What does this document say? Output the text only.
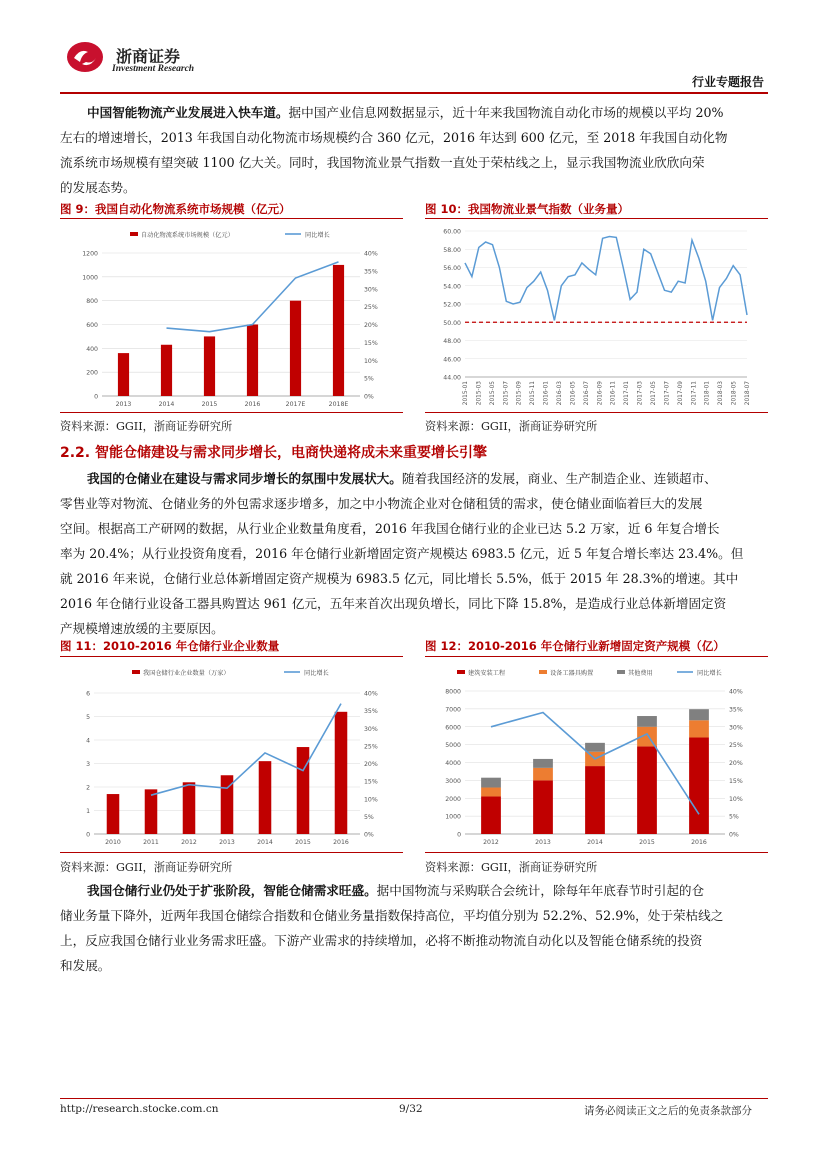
浙商证券
Investment Research
行业专题报告
中国智能物流产业发展进入快车道。据中国产业信息网数据显示，近十年来我国物流自动化市场的规模以平均 20%
左右的增速增长，2013 年我国自动化物流市场规模约合 360 亿元，2016 年达到 600 亿元，至 2018 年我国自动化物
流系统市场规模有望突破 1100 亿大关。同时，我国物流业景气指数一直处于荣枯线之上，显示我国物流业欣欣向荣
的发展态势。
图 9：我国自动化物流系统市场规模（亿元）
0
200
400
600
800
1000
1200
0%
5%
10%
15%
20%
25%
30%
35%
40%
2013	2014	2015	2016	2017E	2018E
自动化物流系统市场规模（亿元）	同比增长
资料来源：GGII，浙商证券研究所
图 10：我国物流业景气指数（业务量）
44.00
46.00
48.00
50.00
52.00
54.00
56.00
58.00
60.00
2015-01 2015-03 2015-05 2015-07 2015-09 2015-11 2016-01 2016-03 2016-05 2016-07 2016-09 2016-11 2017-01 2017-03 2017-05 2017-07 2017-09 2017-11 2018-01 2018-03 2018-05 2018-07
资料来源：GGII，浙商证券研究所
2.2. 智能仓储建设与需求同步增长，电商快递将成未来重要增长引擎
我国的仓储业在建设与需求同步增长的氛围中发展状大。随着我国经济的发展，商业、生产制造企业、连锁超市、
零售业等对物流、仓储业务的外包需求逐步增多，加之中小物流企业对仓储租赁的需求，使仓储业面临着巨大的发展
空间。根据高工产研网的数据，从行业企业数量角度看，2016 年我国仓储行业的企业已达 5.2 万家，近 6 年复合增长
率为 20.4%；从行业投资角度看，2016 年仓储行业新增固定资产规模达 6983.5 亿元，近 5 年复合增长率达 23.4%。但
就 2016 年来说，仓储行业总体新增固定资产规模为 6983.5 亿元，同比增长 5.5%，低于 2015 年 28.3%的增速。其中
2016 年仓储行业设备工器具购置达 961 亿元，五年来首次出现负增长，同比下降 15.8%，是造成行业总体新增固定资
产规模增速放缓的主要原因。
图 11：2010-2016 年仓储行业企业数量
0
1
2
3
4
5
6
0%
5%
10%
15%
20%
25%
30%
35%
40%
2010	2011	2012	2013	2014	2015	2016
我国仓储行业企业数量（万家）	同比增长
资料来源：GGII，浙商证券研究所
图 12：2010-2016 年仓储行业新增固定资产规模（亿）
0
1000
2000
3000
4000
5000
6000
7000
8000
0%
5%
10%
15%
20%
25%
30%
35%
40%
2012	2013	2014	2015	2016
建筑安装工程	设备工器具购置	其他费用	同比增长
资料来源：GGII，浙商证券研究所
我国仓储行业仍处于扩张阶段，智能仓储需求旺盛。据中国物流与采购联合会统计，除每年年底春节时引起的仓
储业务量下降外，近两年我国仓储综合指数和仓储业务量指数保持高位，平均值分别为 52.2%、52.9%，处于荣枯线之
上，反应我国仓储行业业务需求旺盛。下游产业需求的持续增加，必将不断推动物流自动化以及智能仓储系统的投资
和发展。
http://research.stocke.com.cn	9/32	请务必阅读正文之后的免责条款部分
